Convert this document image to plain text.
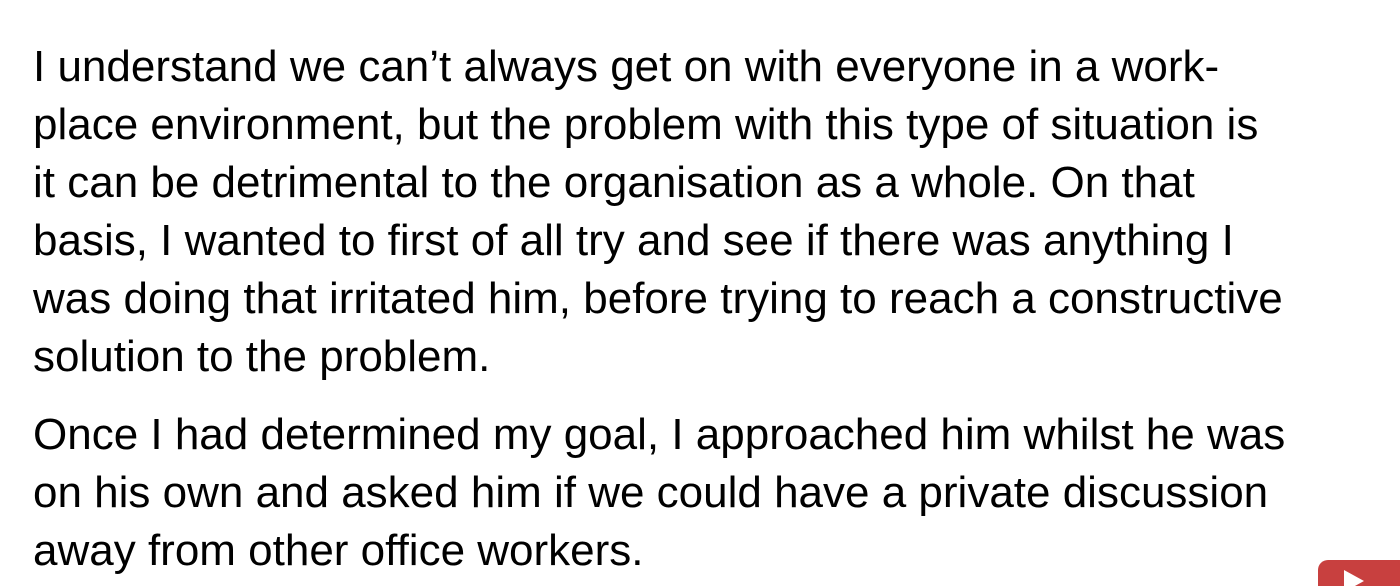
I understand we can’t always get on with everyone in a work-
place environment, but the problem with this type of situation is
it can be detrimental to the organisation as a whole. On that
basis, I wanted to first of all try and see if there was anything I
was doing that irritated him, before trying to reach a constructive
solution to the problem.
Once I had determined my goal, I approached him whilst he was
on his own and asked him if we could have a private discussion
away from other office workers.
